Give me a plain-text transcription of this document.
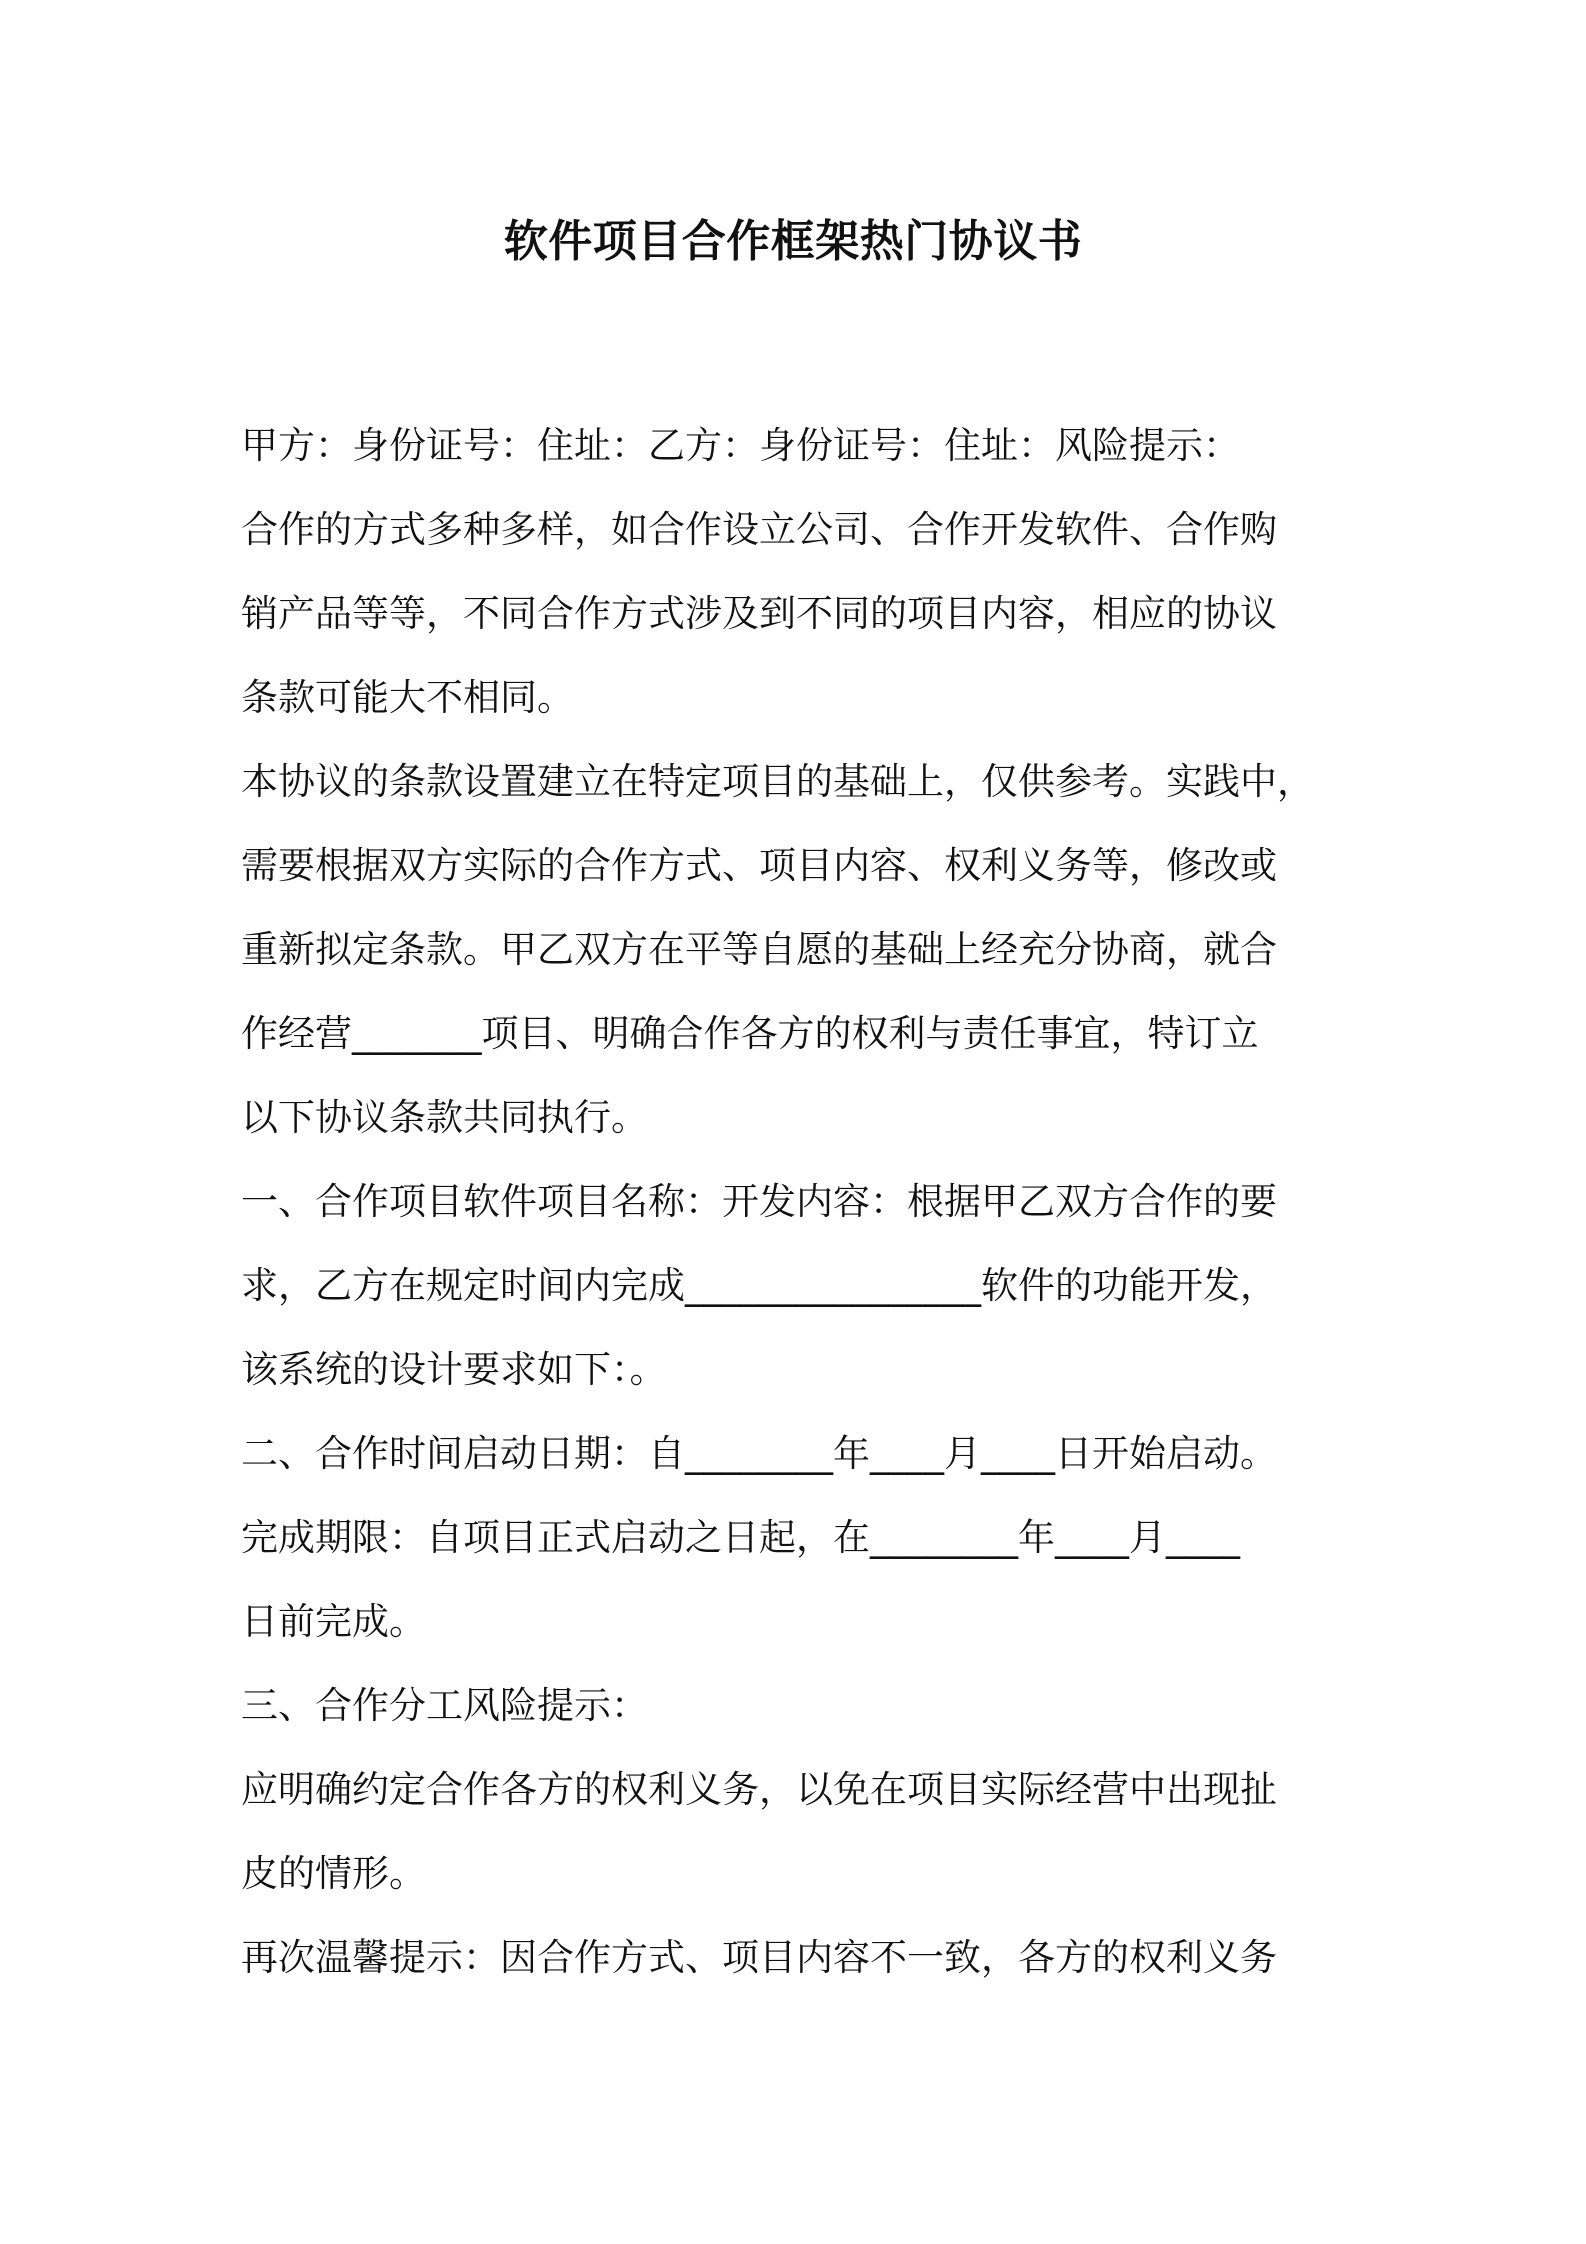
软件项目合作框架热门协议书
甲方：身份证号：住址：乙方：身份证号：住址：风险提示：
合作的方式多种多样，如合作设立公司、合作开发软件、合作购
销产品等等，不同合作方式涉及到不同的项目内容，相应的协议
条款可能大不相同。
本协议的条款设置建立在特定项目的基础上，仅供参考。实践中，
需要根据双方实际的合作方式、项目内容、权利义务等，修改或
重新拟定条款。甲乙双方在平等自愿的基础上经充分协商，就合
作经营_______项目、明确合作各方的权利与责任事宜，特订立
以下协议条款共同执行。
一、合作项目软件项目名称：开发内容：根据甲乙双方合作的要
求，乙方在规定时间内完成________________软件的功能开发，
该系统的设计要求如下：。
二、合作时间启动日期：自________年____月____日开始启动。
完成期限：自项目正式启动之日起，在________年____月____
日前完成。
三、合作分工风险提示：
应明确约定合作各方的权利义务，以免在项目实际经营中出现扯
皮的情形。
再次温馨提示：因合作方式、项目内容不一致，各方的权利义务
